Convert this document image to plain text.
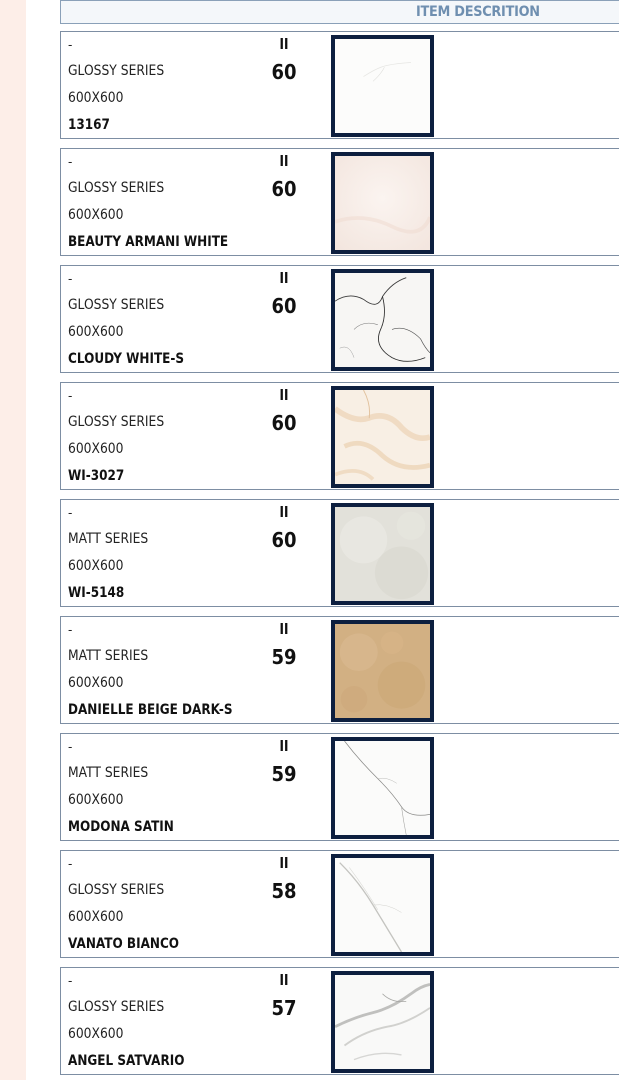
ITEM DESCRITION
-
GLOSSY SERIES
600X600
13167
II
60
-
GLOSSY SERIES
600X600
BEAUTY ARMANI WHITE
II
60
-
GLOSSY SERIES
600X600
CLOUDY WHITE-S
II
60
-
GLOSSY SERIES
600X600
WI-3027
II
60
-
MATT SERIES
600X600
WI-5148
II
60
-
MATT SERIES
600X600
DANIELLE BEIGE DARK-S
II
59
-
MATT SERIES
600X600
MODONA SATIN
II
59
-
GLOSSY SERIES
600X600
VANATO BIANCO
II
58
-
GLOSSY SERIES
600X600
ANGEL SATVARIO
II
57
